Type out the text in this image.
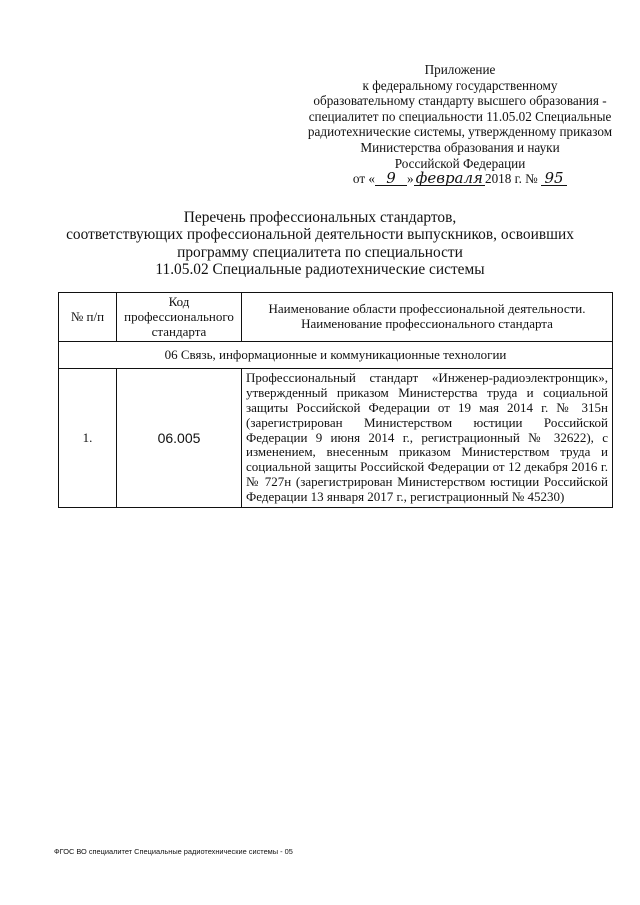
Приложение
к федеральному государственному
образовательному стандарту высшего образования -
специалитет по специальности 11.05.02 Специальные
радиотехнические системы, утвержденному приказом
Министерства образования и науки
Российской Федерации
от « 9 » февраля 2018 г. № 95
Перечень профессиональных стандартов,
соответствующих профессиональной деятельности выпускников, освоивших
программу специалитета по специальности
11.05.02 Специальные радиотехнические системы
№ п/п	Код профессионального стандарта	Наименование области профессиональной деятельности.
Наименование профессионального стандарта
06 Связь, информационные и коммуникационные технологии		
1.	06.005	Профессиональный стандарт «Инженер-радиоэлектронщик», утвержденный приказом Министерства труда и социальной защиты Российской Федерации от 19 мая 2014 г. № 315н (зарегистрирован Министерством юстиции Российской Федерации 9 июня 2014 г., регистрационный № 32622), с изменением, внесенным приказом Министерством труда и социальной защиты Российской Федерации от 12 декабря 2016 г. № 727н (зарегистрирован Министерством юстиции Российской Федерации 13 января 2017 г., регистрационный № 45230)
ФГОС ВО специалитет Специальные радиотехнические системы - 05
